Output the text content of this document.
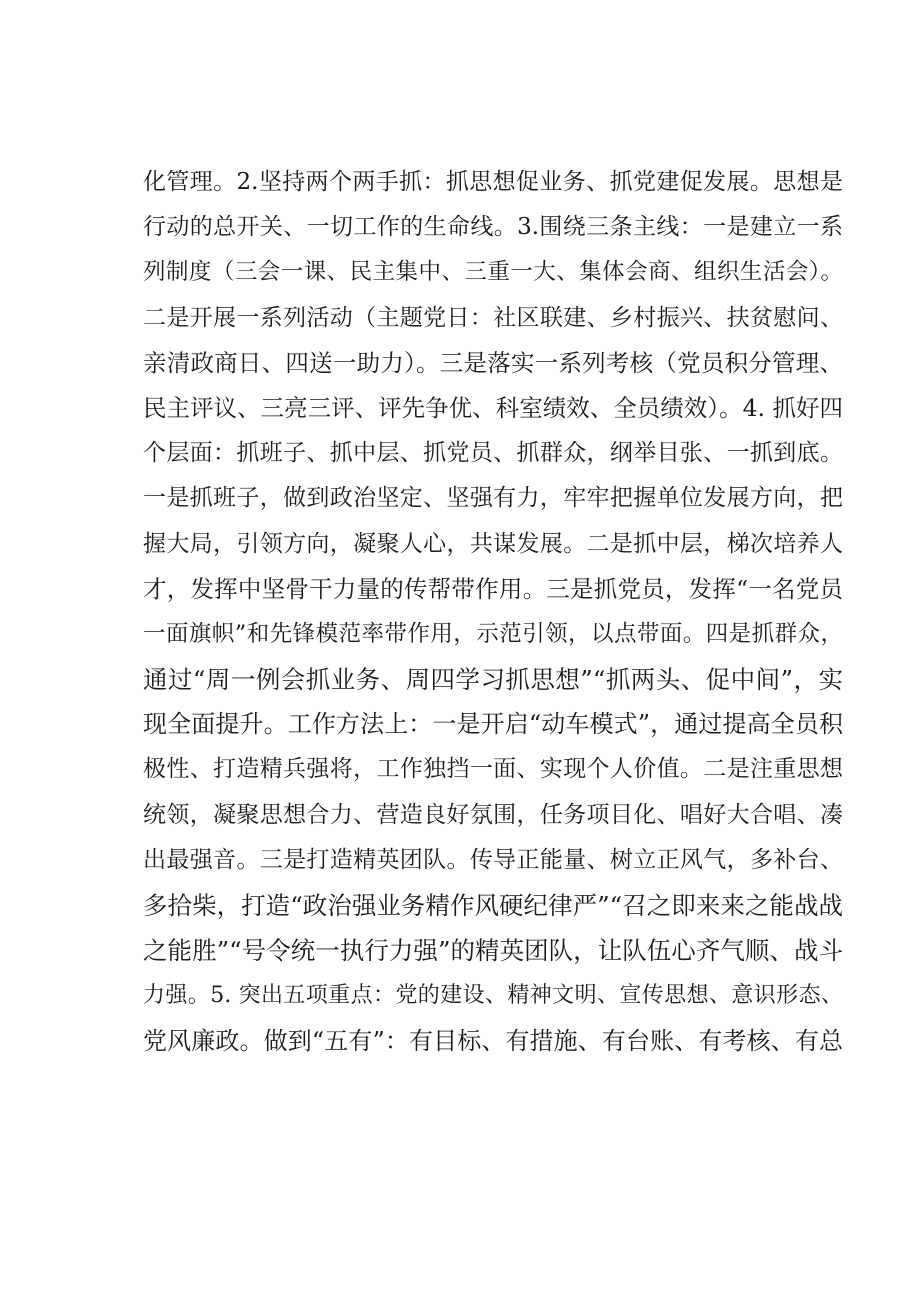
化管理。2.坚持两个两手抓：抓思想促业务、抓党建促发展。思想是
行动的总开关、一切工作的生命线。3.围绕三条主线：一是建立一系
列制度（三会一课、民主集中、三重一大、集体会商、组织生活会）。
二是开展一系列活动（主题党日：社区联建、乡村振兴、扶贫慰问、
亲清政商日、四送一助力）。三是落实一系列考核（党员积分管理、
民主评议、三亮三评、评先争优、科室绩效、全员绩效）。4. 抓好四
个层面：抓班子、抓中层、抓党员、抓群众，纲举目张、一抓到底。
一是抓班子，做到政治坚定、坚强有力，牢牢把握单位发展方向，把
握大局，引领方向，凝聚人心，共谋发展。二是抓中层，梯次培养人
才，发挥中坚骨干力量的传帮带作用。三是抓党员，发挥“一名党员
一面旗帜”和先锋模范率带作用，示范引领，以点带面。四是抓群众，
通过“周一例会抓业务、周四学习抓思想”“抓两头、促中间”，实
现全面提升。工作方法上：一是开启“动车模式”，通过提高全员积
极性、打造精兵强将，工作独挡一面、实现个人价值。二是注重思想
统领，凝聚思想合力、营造良好氛围，任务项目化、唱好大合唱、凑
出最强音。三是打造精英团队。传导正能量、树立正风气，多补台、
多拾柴，打造“政治强业务精作风硬纪律严”“召之即来来之能战战
之能胜”“号令统一执行力强”的精英团队，让队伍心齐气顺、战斗
力强。5. 突出五项重点：党的建设、精神文明、宣传思想、意识形态、
党风廉政。做到“五有”：有目标、有措施、有台账、有考核、有总
